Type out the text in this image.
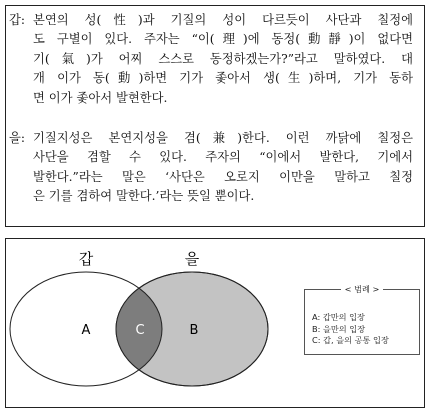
갑: 본연의 성(性)과 기질의 성이 다르듯이 사단과 칠정에
도 구별이 있다. 주자는 “이(理)에 동정(動靜)이 없다면
기(氣)가 어찌 스스로 동정하겠는가?”라고 말하였다. 대
개 이가 동(動)하면 기가 좇아서 생(生)하며, 기가 동하
면 이가 좇아서 발현한다.
을: 기질지성은 본연지성을 겸(兼)한다. 이런 까닭에 칠정은
사단을 겸할 수 있다. 주자의 “이에서 발한다, 기에서
발한다.”라는 말은 ‘사단은 오로지 이만을 말하고 칠정
은 기를 겸하여 말한다.’라는 뜻일 뿐이다.
갑	을
A	C	B
< 범례 >
A: 갑만의 입장
B: 을만의 입장
C: 갑, 을의 공통 입장
